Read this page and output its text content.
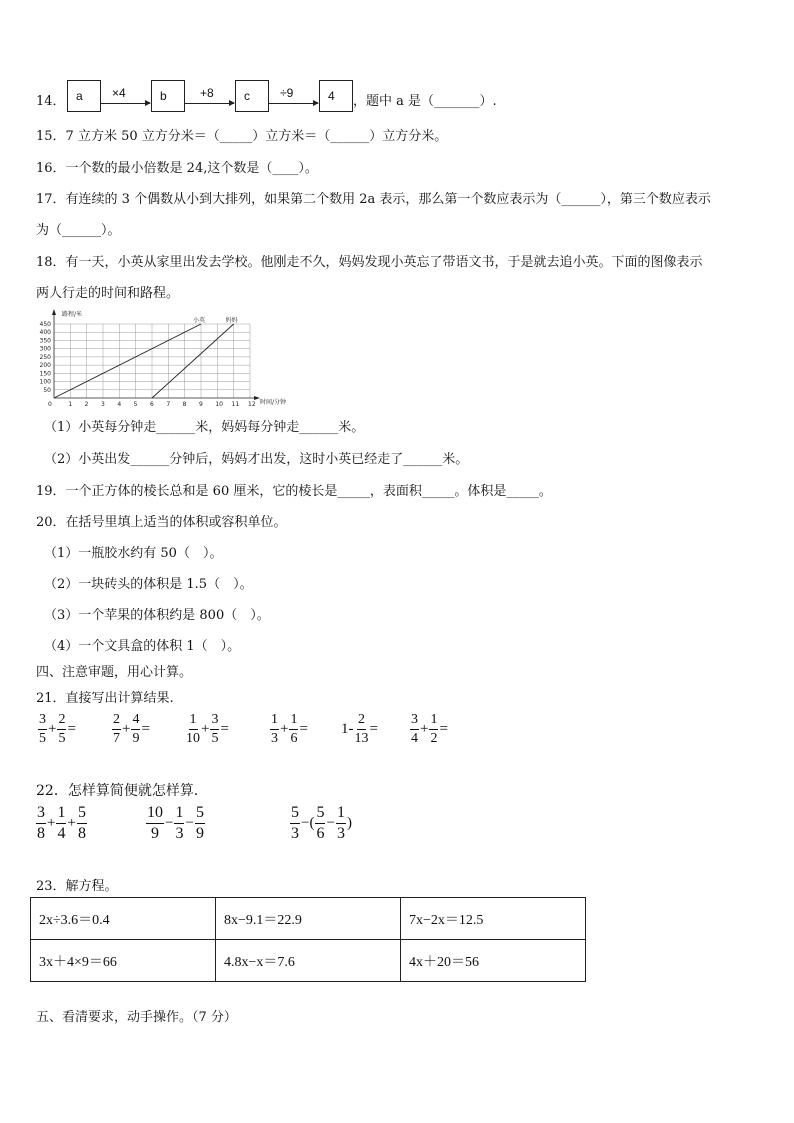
14． a	×4	b	+8	c	÷9	4	，题中 a 是（_______）.
15．7 立方米 50 立方分米＝（_____）立方米＝（______）立方分米。
16．一个数的最小倍数是 24,这个数是（____）。
17．有连续的 3 个偶数从小到大排列，如果第二个数用 2a 表示，那么第一个数应表示为（______），第三个数应表示
为（______）。
18．有一天，小英从家里出发去学校。他刚走不久，妈妈发现小英忘了带语文书，于是就去追小英。下面的图像表示
两人行走的时间和路程。
0	1 2 3 4 5 6 7 8 9 10 11 12
50
100
150
200
250
300
350
400
450
路程/米
时间/分钟
小英	妈妈
（1）小英每分钟走______米，妈妈每分钟走______米。
（2）小英出发______分钟后，妈妈才出发，这时小英已经走了______米。
19．一个正方体的棱长总和是 60 厘米，它的棱长是_____，表面积_____。体积是_____。
20．在括号里填上适当的体积或容积单位。
（1）一瓶胶水约有 50（　）。
（2）一块砖头的体积是 1.5（　）。
（3）一个苹果的体积约是 800（　）。
（4）一个文具盒的体积 1（　）。
四、注意审题，用心计算。
21．直接写出计算结果.
$\frac{3}{5} + \frac{2}{5}$ =	$\frac{2}{7} + \frac{4}{9}$ =	$\frac{1}{10} + \frac{3}{5}$ =	$\frac{1}{3} + \frac{1}{6} = 1- \frac{2}{13} = \frac{3}{4} + \frac{1}{2}$ =
22．怎样算简便就怎样算．
$\frac{3}{8} + \frac{1}{4} + \frac{5}{8}$	$\frac{10}{9} - \frac{1}{3} - \frac{5}{9}$	$\frac{5}{3}$ −( $\frac{5}{6} - \frac{1}{3}$ )
23．解方程。
2x÷3.6＝0.4	8x−9.1＝22.9	7x−2x＝12.5
3x＋4×9＝66	4.8x−x＝7.6	4x＋20＝56
五、看清要求，动手操作。（7 分）
